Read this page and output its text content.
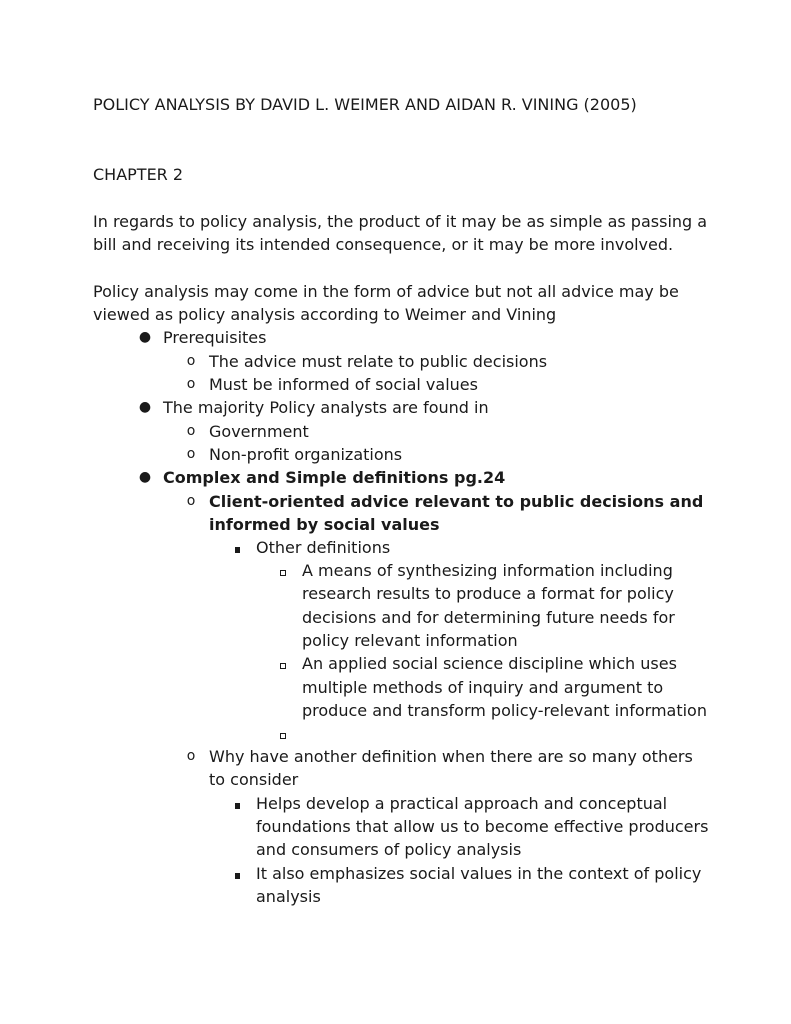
POLICY ANALYSIS BY DAVID L. WEIMER AND AIDAN R. VINING (2005)
CHAPTER 2
In regards to policy analysis, the product of it may be as simple as passing a
bill and receiving its intended consequence, or it may be more involved.
Policy analysis may come in the form of advice but not all advice may be
viewed as policy analysis according to Weimer and Vining
● Prerequisites
o The advice must relate to public decisions
o Must be informed of social values
● The majority Policy analysts are found in
o Government
o Non-profit organizations
● Complex and Simple definitions pg.24
o Client-oriented advice relevant to public decisions and
informed by social values
Other definitions
A means of synthesizing information including
research results to produce a format for policy
decisions and for determining future needs for
policy relevant information
An applied social science discipline which uses
multiple methods of inquiry and argument to
produce and transform policy-relevant information
o Why have another definition when there are so many others
to consider
Helps develop a practical approach and conceptual
foundations that allow us to become effective producers
and consumers of policy analysis
It also emphasizes social values in the context of policy
analysis
